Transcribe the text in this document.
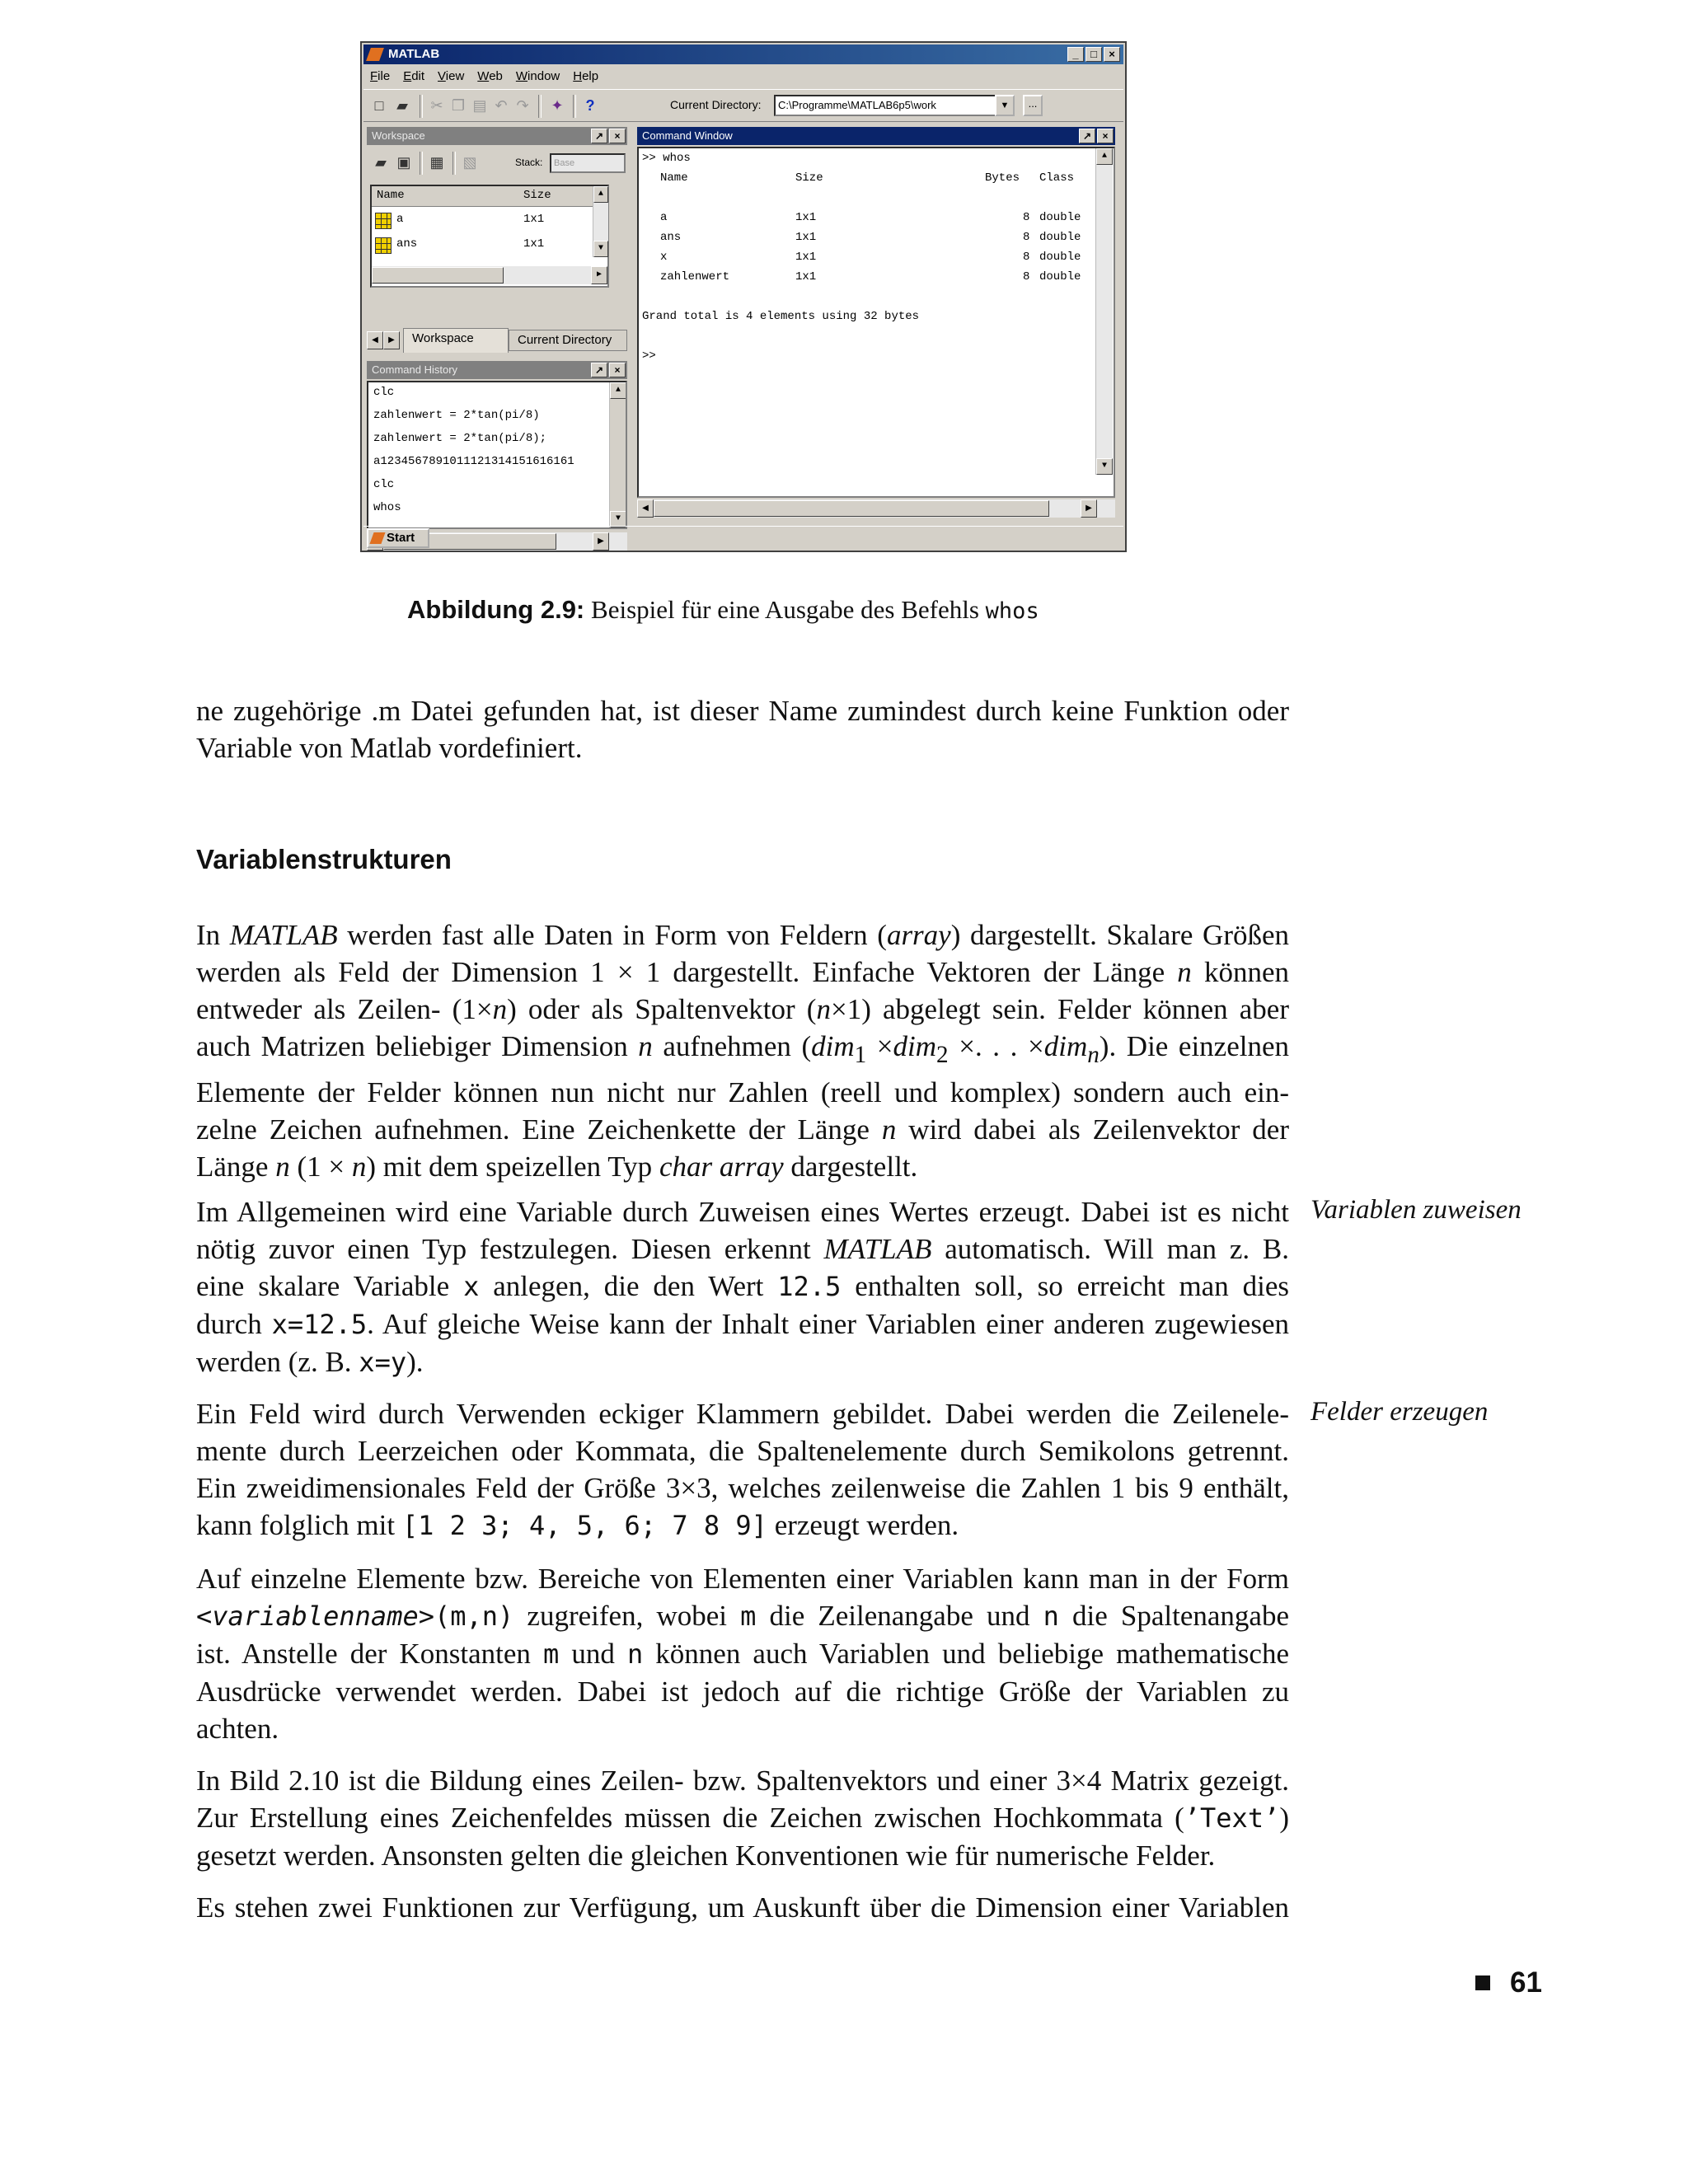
MATLAB	_	□	×
File Edit View Web Window Help
□ ▰ ✂ ❐ ▤ ↶ ↷ ✦	?	Current Directory:	C:\Programme\MATLAB6p5\work	▼	...
Workspace	↗	×
▰ ▣ ▦ ▧	Stack:	Base
Name	Size
a	1x1
ans	1x1
▲
▼
▶
◀	▶	Workspace	Current Directory
Command History	↗	×
clc
zahlenwert = 2*tan(pi/8)
zahlenwert = 2*tan(pi/8);
a1234567891011121314151616161
clc
whos
▲
▼
▶
Command Window	↗	×
>> whos
Name	Size	Bytes Class
a	1x1	8 double
ans	1x1	8 double
x	1x1	8 double
zahlenwert	1x1	8 double
Grand total is 4 elements using 32 bytes
>>
▲
▼
◀	▶
Start
Abbildung 2.9: Beispiel für eine Ausgabe des Befehls whos
ne zugehörige .m Datei gefunden hat, ist dieser Name zumindest durch keine Funktion oder
Variable von Matlab vordefiniert.
Variablenstrukturen
In MATLAB werden fast alle Daten in Form von Feldern (array) dargestellt. Skalare Größen
werden als Feld der Dimension 1 × 1 dargestellt. Einfache Vektoren der Länge n können
entweder als Zeilen- (1×n) oder als Spaltenvektor (n×1) abgelegt sein. Felder können aber
auch Matrizen beliebiger Dimension n aufnehmen (dim$_1$ ×dim$_2$ ×. . . ×dim$_n$). Die einzelnen
Elemente der Felder können nun nicht nur Zahlen (reell und komplex) sondern auch ein-
zelne Zeichen aufnehmen. Eine Zeichenkette der Länge n wird dabei als Zeilenvektor der
Länge n (1 × n) mit dem speizellen Typ char array dargestellt.
Variablen zuweisen
Im Allgemeinen wird eine Variable durch Zuweisen eines Wertes erzeugt. Dabei ist es nicht
nötig zuvor einen Typ festzulegen. Diesen erkennt MATLAB automatisch. Will man z. B.
eine skalare Variable x anlegen, die den Wert 12.5 enthalten soll, so erreicht man dies
durch x=12.5. Auf gleiche Weise kann der Inhalt einer Variablen einer anderen zugewiesen
werden (z. B. x=y).
Felder erzeugen
Ein Feld wird durch Verwenden eckiger Klammern gebildet. Dabei werden die Zeilenele-
mente durch Leerzeichen oder Kommata, die Spaltenelemente durch Semikolons getrennt.
Ein zweidimensionales Feld der Größe 3×3, welches zeilenweise die Zahlen 1 bis 9 enthält,
kann folglich mit [1 2 3; 4, 5, 6; 7 8 9] erzeugt werden.
Auf einzelne Elemente bzw. Bereiche von Elementen einer Variablen kann man in der Form
<variablenname>(m,n) zugreifen, wobei m die Zeilenangabe und n die Spaltenangabe
ist. Anstelle der Konstanten m und n können auch Variablen und beliebige mathematische
Ausdrücke verwendet werden. Dabei ist jedoch auf die richtige Größe der Variablen zu
achten.
In Bild 2.10 ist die Bildung eines Zeilen- bzw. Spaltenvektors und einer 3×4 Matrix gezeigt.
Zur Erstellung eines Zeichenfeldes müssen die Zeichen zwischen Hochkommata (’Text’)
gesetzt werden. Ansonsten gelten die gleichen Konventionen wie für numerische Felder.
Es stehen zwei Funktionen zur Verfügung, um Auskunft über die Dimension einer Variablen
61
